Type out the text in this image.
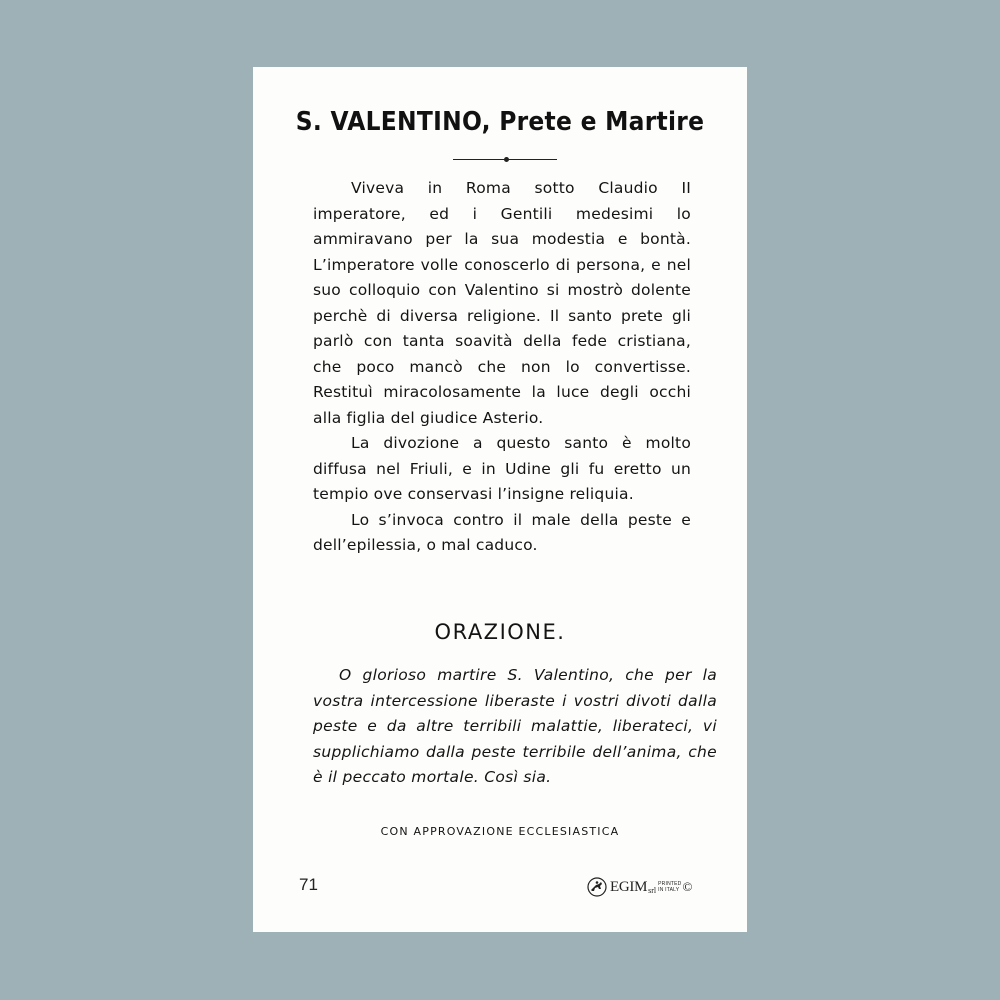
S. VALENTINO, Prete e Martire

Viveva in Roma sotto Claudio II imperatore, ed i Gentili medesimi lo ammiravano per la sua modestia e bontà. L’imperatore volle conoscerlo di persona, e nel suo colloquio con Valentino si mostrò dolente perchè di diversa religione. Il santo prete gli parlò con tanta soavità della fede cristiana, che poco mancò che non lo convertisse. Restituì miracolosamente la luce degli occhi alla figlia del giudice Asterio.

La divozione a questo santo è molto diffusa nel Friuli, e in Udine gli fu eretto un tempio ove conservasi l’insigne reliquia.

Lo s’invoca contro il male della peste e dell’epilessia, o mal caduco.

ORAZIONE.
O glorioso martire S. Valentino, che per la vostra intercessione liberaste i vostri divoti dalla peste e da altre terribili malattie, liberateci, vi supplichiamo dalla peste terribile dell’anima, che è il peccato mortale. Così sia.
CON APPROVAZIONE ECCLESIASTICA
71	EGIM srl
PRINTED
IN ITALY ©
